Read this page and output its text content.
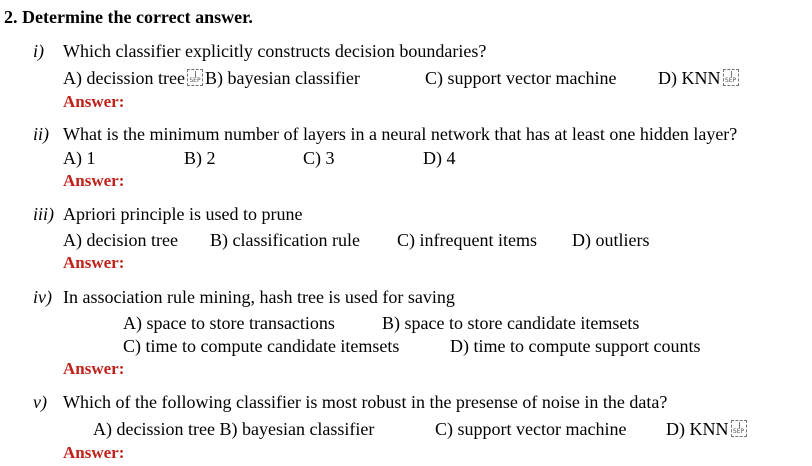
2. Determine the correct answer.
i) Which classifier explicitly constructs decision boundaries?
A) decission tree SEP B) bayesian classifier	C) support vector machine D) KNN SEP
Answer:
ii) What is the minimum number of layers in a neural network that has at least one hidden layer?
A) 1	B) 2	C) 3	D) 4
Answer:
iii) Apriori principle is used to prune
A) decision tree B) classification rule C) infrequent items D) outliers
Answer:
iv) In association rule mining, hash tree is used for saving
A) space to store transactions	B) space to store candidate itemsets
C) time to compute candidate itemsets	D) time to compute support counts
Answer:
v) Which of the following classifier is most robust in the presense of noise in the data?
A) decission tree B) bayesian classifier	C) support vector machine D) KNN SEP
Answer:
